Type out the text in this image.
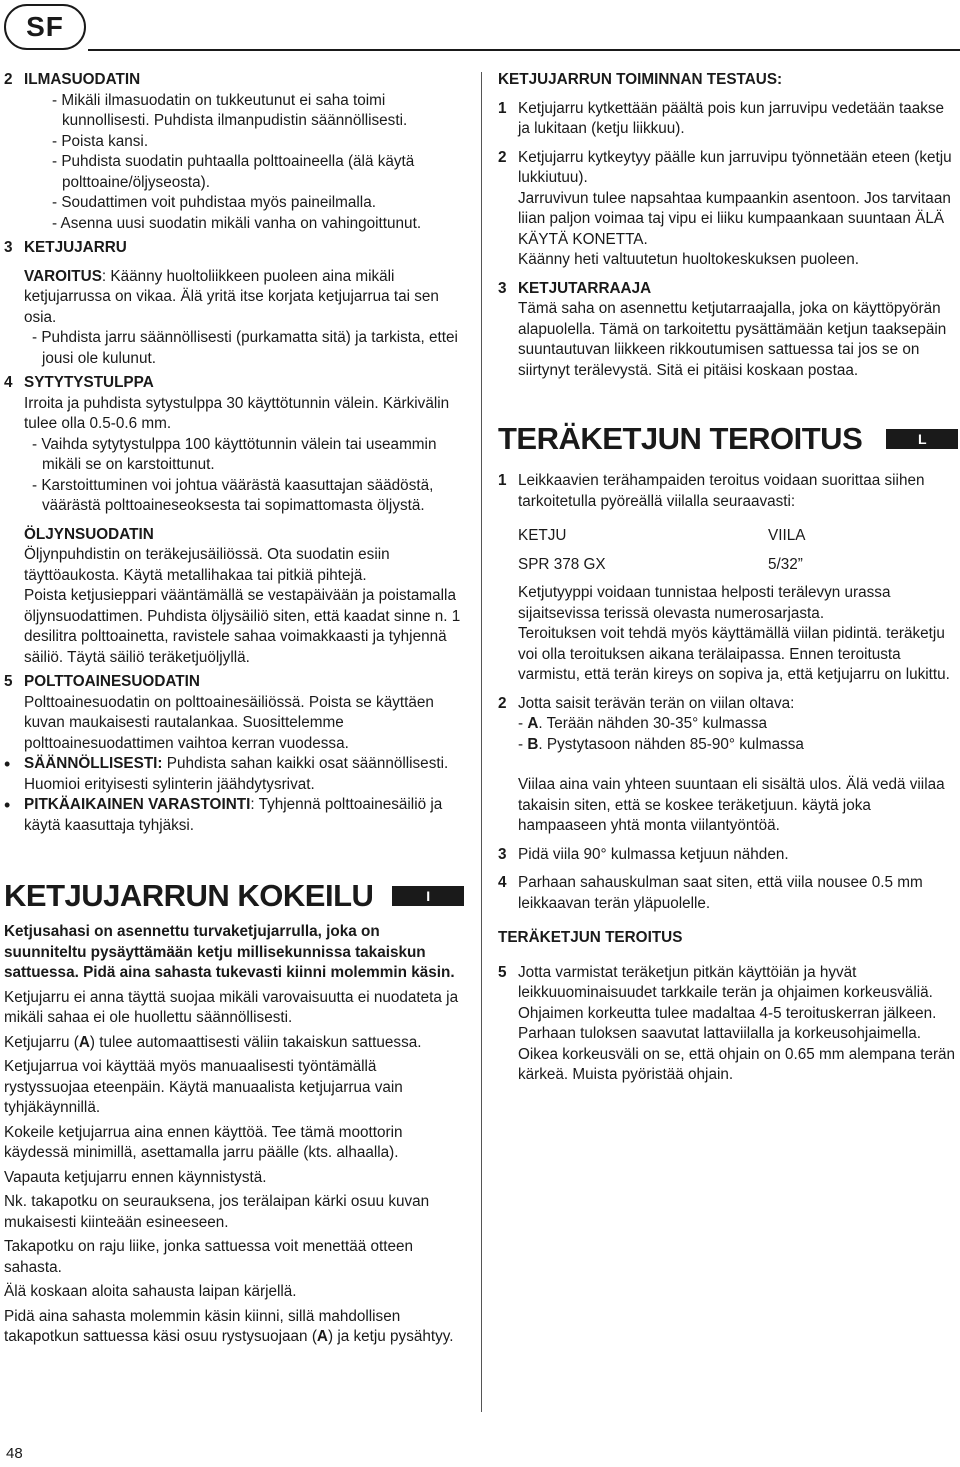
SF
2 ILMASUODATIN

- Mikäli ilmasuodatin on tukkeutunut ei saha toimi kunnollisesti. Puhdista ilmanpudistin säännöllisesti.

- Poista kansi.

- Puhdista suodatin puhtaalla polttoaineella (älä käytä polttoaine/öljyseosta).

- Soudattimen voit puhdistaa myös paineilmalla.

- Asenna uusi suodatin mikäli vanha on vahingoittunut.

3 KETJUJARRU

VAROITUS: Käänny huoltoliikkeen puoleen aina mikäli ketjujarrussa on vikaa. Älä yritä itse korjata ketjujarrua tai sen osia.

- Puhdista jarru säännöllisesti (purkamatta sitä) ja tarkista, ettei jousi ole kulunut.

4 SYTYTYSTULPPA

Irroita ja puhdista sytystulppa 30 käyttötunnin välein. Kärkivälin tulee olla 0.5-0.6 mm.

- Vaihda sytytystulppa 100 käyttötunnin välein tai useammin mikäli se on karstoittunut.

- Karstoittuminen voi johtua väärästä kaasuttajan säädöstä, väärästä polttoaineseoksesta tai sopimattomasta öljystä.

ÖLJYNSUODATIN

Öljynpuhdistin on teräkejusäiliössä. Ota suodatin esiin täyttöaukosta. Käytä metallihakaa tai pitkiä pihtejä.

Poista ketjusieppari vääntämällä se vestapäivään ja poistamalla öljynsuodattimen. Puhdista öljysäiliö siten, että kaadat sinne n. 1 desilitra polttoainetta, ravistele sahaa voimakkaasti ja tyhjennä säiliö. Täytä säiliö teräketjuöljyllä.

5 POLTTOAINESUODATIN

Polttoainesuodatin on polttoainesäiliössä. Poista se käyttäen kuvan maukaisesti rautalankaa. Suosittelemme polttoainesuodattimen vaihtoa kerran vuodessa.

• SÄÄNNÖLLISESTI: Puhdista sahan kaikki osat säännöllisesti. Huomioi erityisesti sylinterin jäähdytysrivat.

• PITKÄAIKAINEN VARASTOINTI: Tyhjennä polttoainesäiliö ja käytä kaasuttaja tyhjäksi.

KETJUJARRUN KOKEILU	I

Ketjusahasi on asennettu turvaketjujarrulla, joka on suunniteltu pysäyttämään ketju millisekunnissa takaiskun sattuessa. Pidä aina sahasta tukevasti kiinni molemmin käsin.

Ketjujarru ei anna täyttä suojaa mikäli varovaisuutta ei nuodateta ja mikäli sahaa ei ole huollettu säännöllisesti.

Ketjujarru (A) tulee automaattisesti väliin takaiskun sattuessa.

Ketjujarrua voi käyttää myös manuaalisesti työntämällä rystyssuojaa eteenpäin. Käytä manuaalista ketjujarrua vain tyhjäkäynnillä.

Kokeile ketjujarrua aina ennen käyttöä. Tee tämä moottorin käydessä minimillä, asettamalla jarru päälle (kts. alhaalla).

Vapauta ketjujarru ennen käynnistystä.

Nk. takapotku on seurauksena, jos terälaipan kärki osuu kuvan mukaisesti kiinteään esineeseen.

Takapotku on raju liike, jonka sattuessa voit menettää otteen sahasta.

Älä koskaan aloita sahausta laipan kärjellä.

Pidä aina sahasta molemmin käsin kiinni, sillä mahdollisen takapotkun sattuessa käsi osuu rystysuojaan (A) ja ketju pysähtyy.

KETJUJARRUN TOIMINNAN TESTAUS:

1 Ketjujarru kytkettään päältä pois kun jarruvipu vedetään taakse ja lukitaan (ketju liikkuu).

2 Ketjujarru kytkeytyy päälle kun jarruvipu työnnetään eteen (ketju lukkiutuu).

Jarruvivun tulee napsahtaa kumpaankin asentoon. Jos tarvitaan liian paljon voimaa taj vipu ei liiku kumpaankaan suuntaan ÄLÄ KÄYTÄ KONETTA.

Käänny heti valtuutetun huoltokeskuksen puoleen.

3 KETJUTARRAAJA

Tämä saha on asennettu ketjutarraajalla, joka on käyttöpyörän alapuolella. Tämä on tarkoitettu pysättämään ketjun taaksepäin suuntautuvan liikkeen rikkoutumisen sattuessa tai jos se on siirtynyt terälevystä. Sitä ei pitäisi koskaan postaa.

TERÄKETJUN TEROITUS	L
1 Leikkaavien terähampaiden teroitus voidaan suorittaa siihen tarkoitetulla pyöreällä viilalla seuraavasti:

KETJU	VIILA
SPR 378 GX	5/32”

Ketjutyyppi voidaan tunnistaa helposti terälevyn urassa sijaitsevissa terissä olevasta numerosarjasta.

Teroituksen voit tehdä myös käyttämällä viilan pidintä. teräketju voi olla teroituksen aikana terälaipassa. Ennen teroitusta varmistu, että terän kireys on sopiva ja, että ketjujarru on lukittu.

2 Jotta saisit terävän terän on viilan oltava:

- A. Terään nähden 30-35° kulmassa

- B. Pystytasoon nähden 85-90° kulmassa

Viilaa aina vain yhteen suuntaan eli sisältä ulos. Älä vedä viilaa takaisin siten, että se koskee teräketjuun. käytä joka hampaaseen yhtä monta viilantyöntöä.

3 Pidä viila 90° kulmassa ketjuun nähden.

4 Parhaan sahauskulman saat siten, että viila nousee 0.5 mm leikkaavan terän yläpuolelle.

TERÄKETJUN TEROITUS

5 Jotta varmistat teräketjun pitkän käyttöiän ja hyvät leikkuuominaisuudet tarkkaile terän ja ohjaimen korkeusväliä.

Ohjaimen korkeutta tulee madaltaa 4-5 teroituskerran jälkeen. Parhaan tuloksen saavutat lattaviilalla ja korkeusohjaimella.

Oikea korkeusväli on se, että ohjain on 0.65 mm alempana terän kärkeä. Muista pyöristää ohjain.

48
